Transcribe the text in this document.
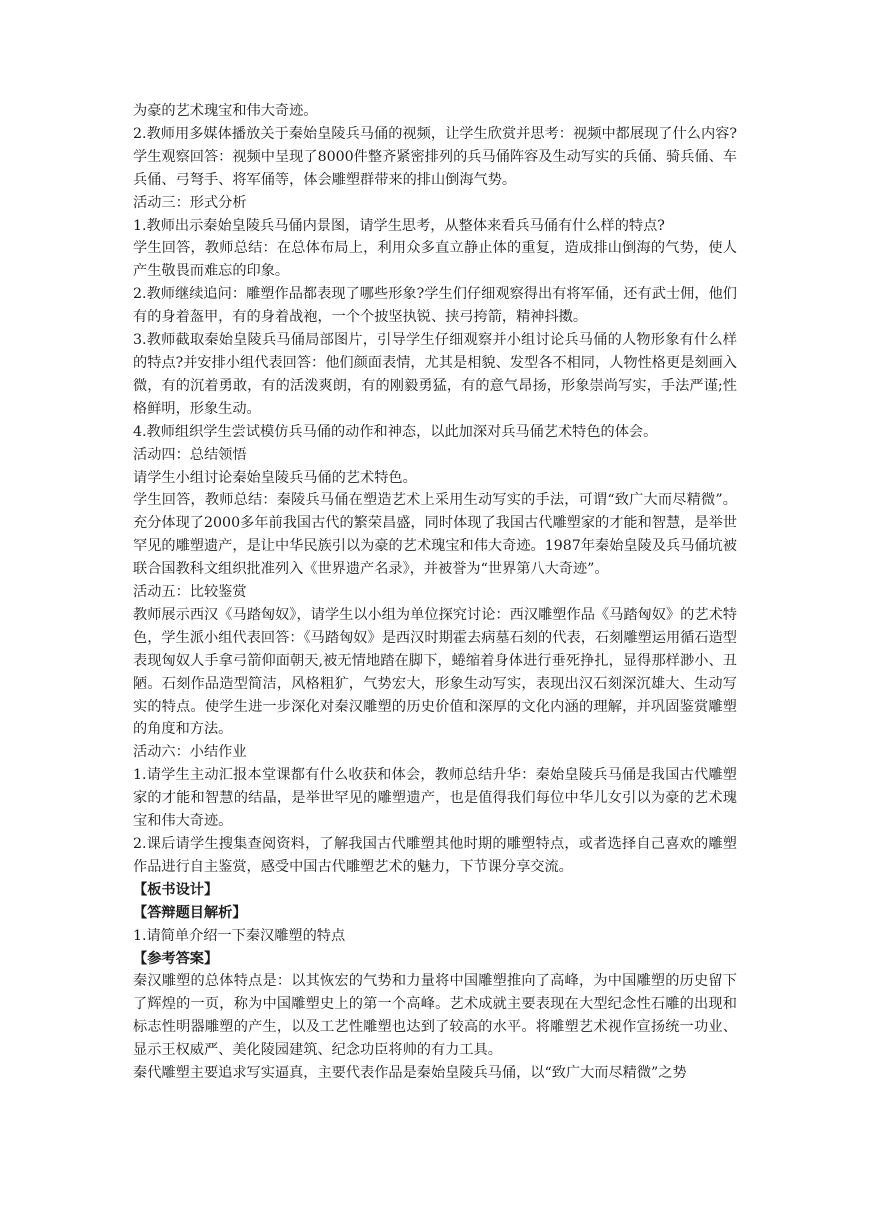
为豪的艺术瑰宝和伟大奇迹。

2.教师用多媒体播放关于秦始皇陵兵马俑的视频，让学生欣赏并思考：视频中都展现了什么内容?学生观察回答：视频中呈现了8000件整齐紧密排列的兵马俑阵容及生动写实的兵俑、骑兵俑、车兵俑、弓弩手、将军俑等，体会雕塑群带来的排山倒海气势。

活动三：形式分析

1.教师出示秦始皇陵兵马俑内景图，请学生思考，从整体来看兵马俑有什么样的特点?

学生回答，教师总结：在总体布局上，利用众多直立静止体的重复，造成排山倒海的气势，使人产生敬畏而难忘的印象。

2.教师继续追问：雕塑作品都表现了哪些形象?学生们仔细观察得出有将军俑，还有武士佣，他们有的身着盔甲，有的身着战袍，一个个披坚执锐、挟弓挎箭，精神抖擞。

3.教师截取秦始皇陵兵马俑局部图片，引导学生仔细观察并小组讨论兵马俑的人物形象有什么样的特点?并安排小组代表回答：他们颜面表情，尤其是相貌、发型各不相同，人物性格更是刻画入微，有的沉着勇敢，有的活泼爽朗，有的刚毅勇猛，有的意气昂扬，形象崇尚写实，手法严谨;性格鲜明，形象生动。

4.教师组织学生尝试模仿兵马俑的动作和神态，以此加深对兵马俑艺术特色的体会。

活动四：总结领悟

请学生小组讨论秦始皇陵兵马俑的艺术特色。

学生回答，教师总结：秦陵兵马俑在塑造艺术上采用生动写实的手法，可谓“致广大而尽精微”。充分体现了2000多年前我国古代的繁荣昌盛，同时体现了我国古代雕塑家的才能和智慧，是举世罕见的雕塑遗产，是让中华民族引以为豪的艺术瑰宝和伟大奇迹。1987年秦始皇陵及兵马俑坑被联合国教科文组织批准列入《世界遗产名录》，并被誉为“世界第八大奇迹”。

活动五：比较鉴赏

教师展示西汉《马踏匈奴》，请学生以小组为单位探究讨论：西汉雕塑作品《马踏匈奴》的艺术特色，学生派小组代表回答：《马踏匈奴》是西汉时期霍去病墓石刻的代表，石刻雕塑运用循石造型表现匈奴人手拿弓箭仰面朝天,被无情地踏在脚下，蜷缩着身体进行垂死挣扎，显得那样渺小、丑陋。石刻作品造型简洁，风格粗犷，气势宏大，形象生动写实，表现出汉石刻深沉雄大、生动写实的特点。使学生进一步深化对秦汉雕塑的历史价值和深厚的文化内涵的理解，并巩固鉴赏雕塑的角度和方法。

活动六：小结作业

1.请学生主动汇报本堂课都有什么收获和体会，教师总结升华：秦始皇陵兵马俑是我国古代雕塑家的才能和智慧的结晶，是举世罕见的雕塑遗产，也是值得我们每位中华儿女引以为豪的艺术瑰宝和伟大奇迹。

2.课后请学生搜集查阅资料，了解我国古代雕塑其他时期的雕塑特点，或者选择自己喜欢的雕塑作品进行自主鉴赏，感受中国古代雕塑艺术的魅力，下节课分享交流。

【板书设计】

【答辩题目解析】

1.请简单介绍一下秦汉雕塑的特点

【参考答案】

秦汉雕塑的总体特点是：以其恢宏的气势和力量将中国雕塑推向了高峰，为中国雕塑的历史留下了辉煌的一页，称为中国雕塑史上的第一个高峰。艺术成就主要表现在大型纪念性石雕的出现和标志性明器雕塑的产生，以及工艺性雕塑也达到了较高的水平。将雕塑艺术视作宣扬统一功业、显示王权威严、美化陵园建筑、纪念功臣将帅的有力工具。

秦代雕塑主要追求写实逼真，主要代表作品是秦始皇陵兵马俑，以“致广大而尽精微”之势
